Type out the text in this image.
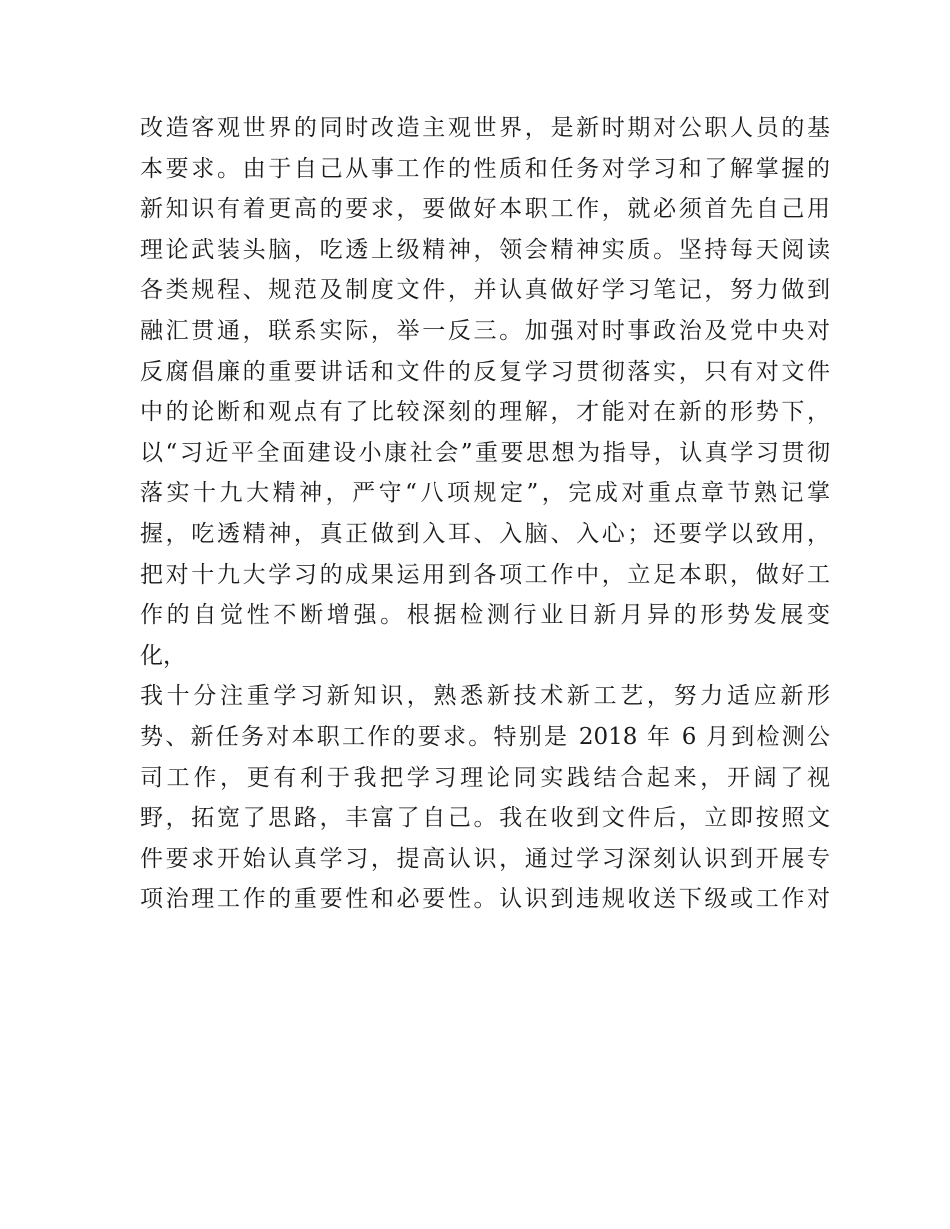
改造客观世界的同时改造主观世界，是新时期对公职人员的基
本要求。由于自己从事工作的性质和任务对学习和了解掌握的
新知识有着更高的要求，要做好本职工作，就必须首先自己用
理论武装头脑，吃透上级精神，领会精神实质。坚持每天阅读
各类规程、规范及制度文件，并认真做好学习笔记，努力做到
融汇贯通，联系实际，举一反三。加强对时事政治及党中央对
反腐倡廉的重要讲话和文件的反复学习贯彻落实，只有对文件
中的论断和观点有了比较深刻的理解，才能对在新的形势下，
以“习近平全面建设小康社会”重要思想为指导，认真学习贯彻
落实十九大精神，严守“八项规定”，完成对重点章节熟记掌
握，吃透精神，真正做到入耳、入脑、入心；还要学以致用，
把对十九大学习的成果运用到各项工作中，立足本职，做好工
作的自觉性不断增强。根据检测行业日新月异的形势发展变
化，
我十分注重学习新知识，熟悉新技术新工艺，努力适应新形
势、新任务对本职工作的要求。特别是 2018 年 6 月到检测公
司工作，更有利于我把学习理论同实践结合起来，开阔了视
野，拓宽了思路，丰富了自己。我在收到文件后，立即按照文
件要求开始认真学习，提高认识，通过学习深刻认识到开展专
项治理工作的重要性和必要性。认识到违规收送下级或工作对
